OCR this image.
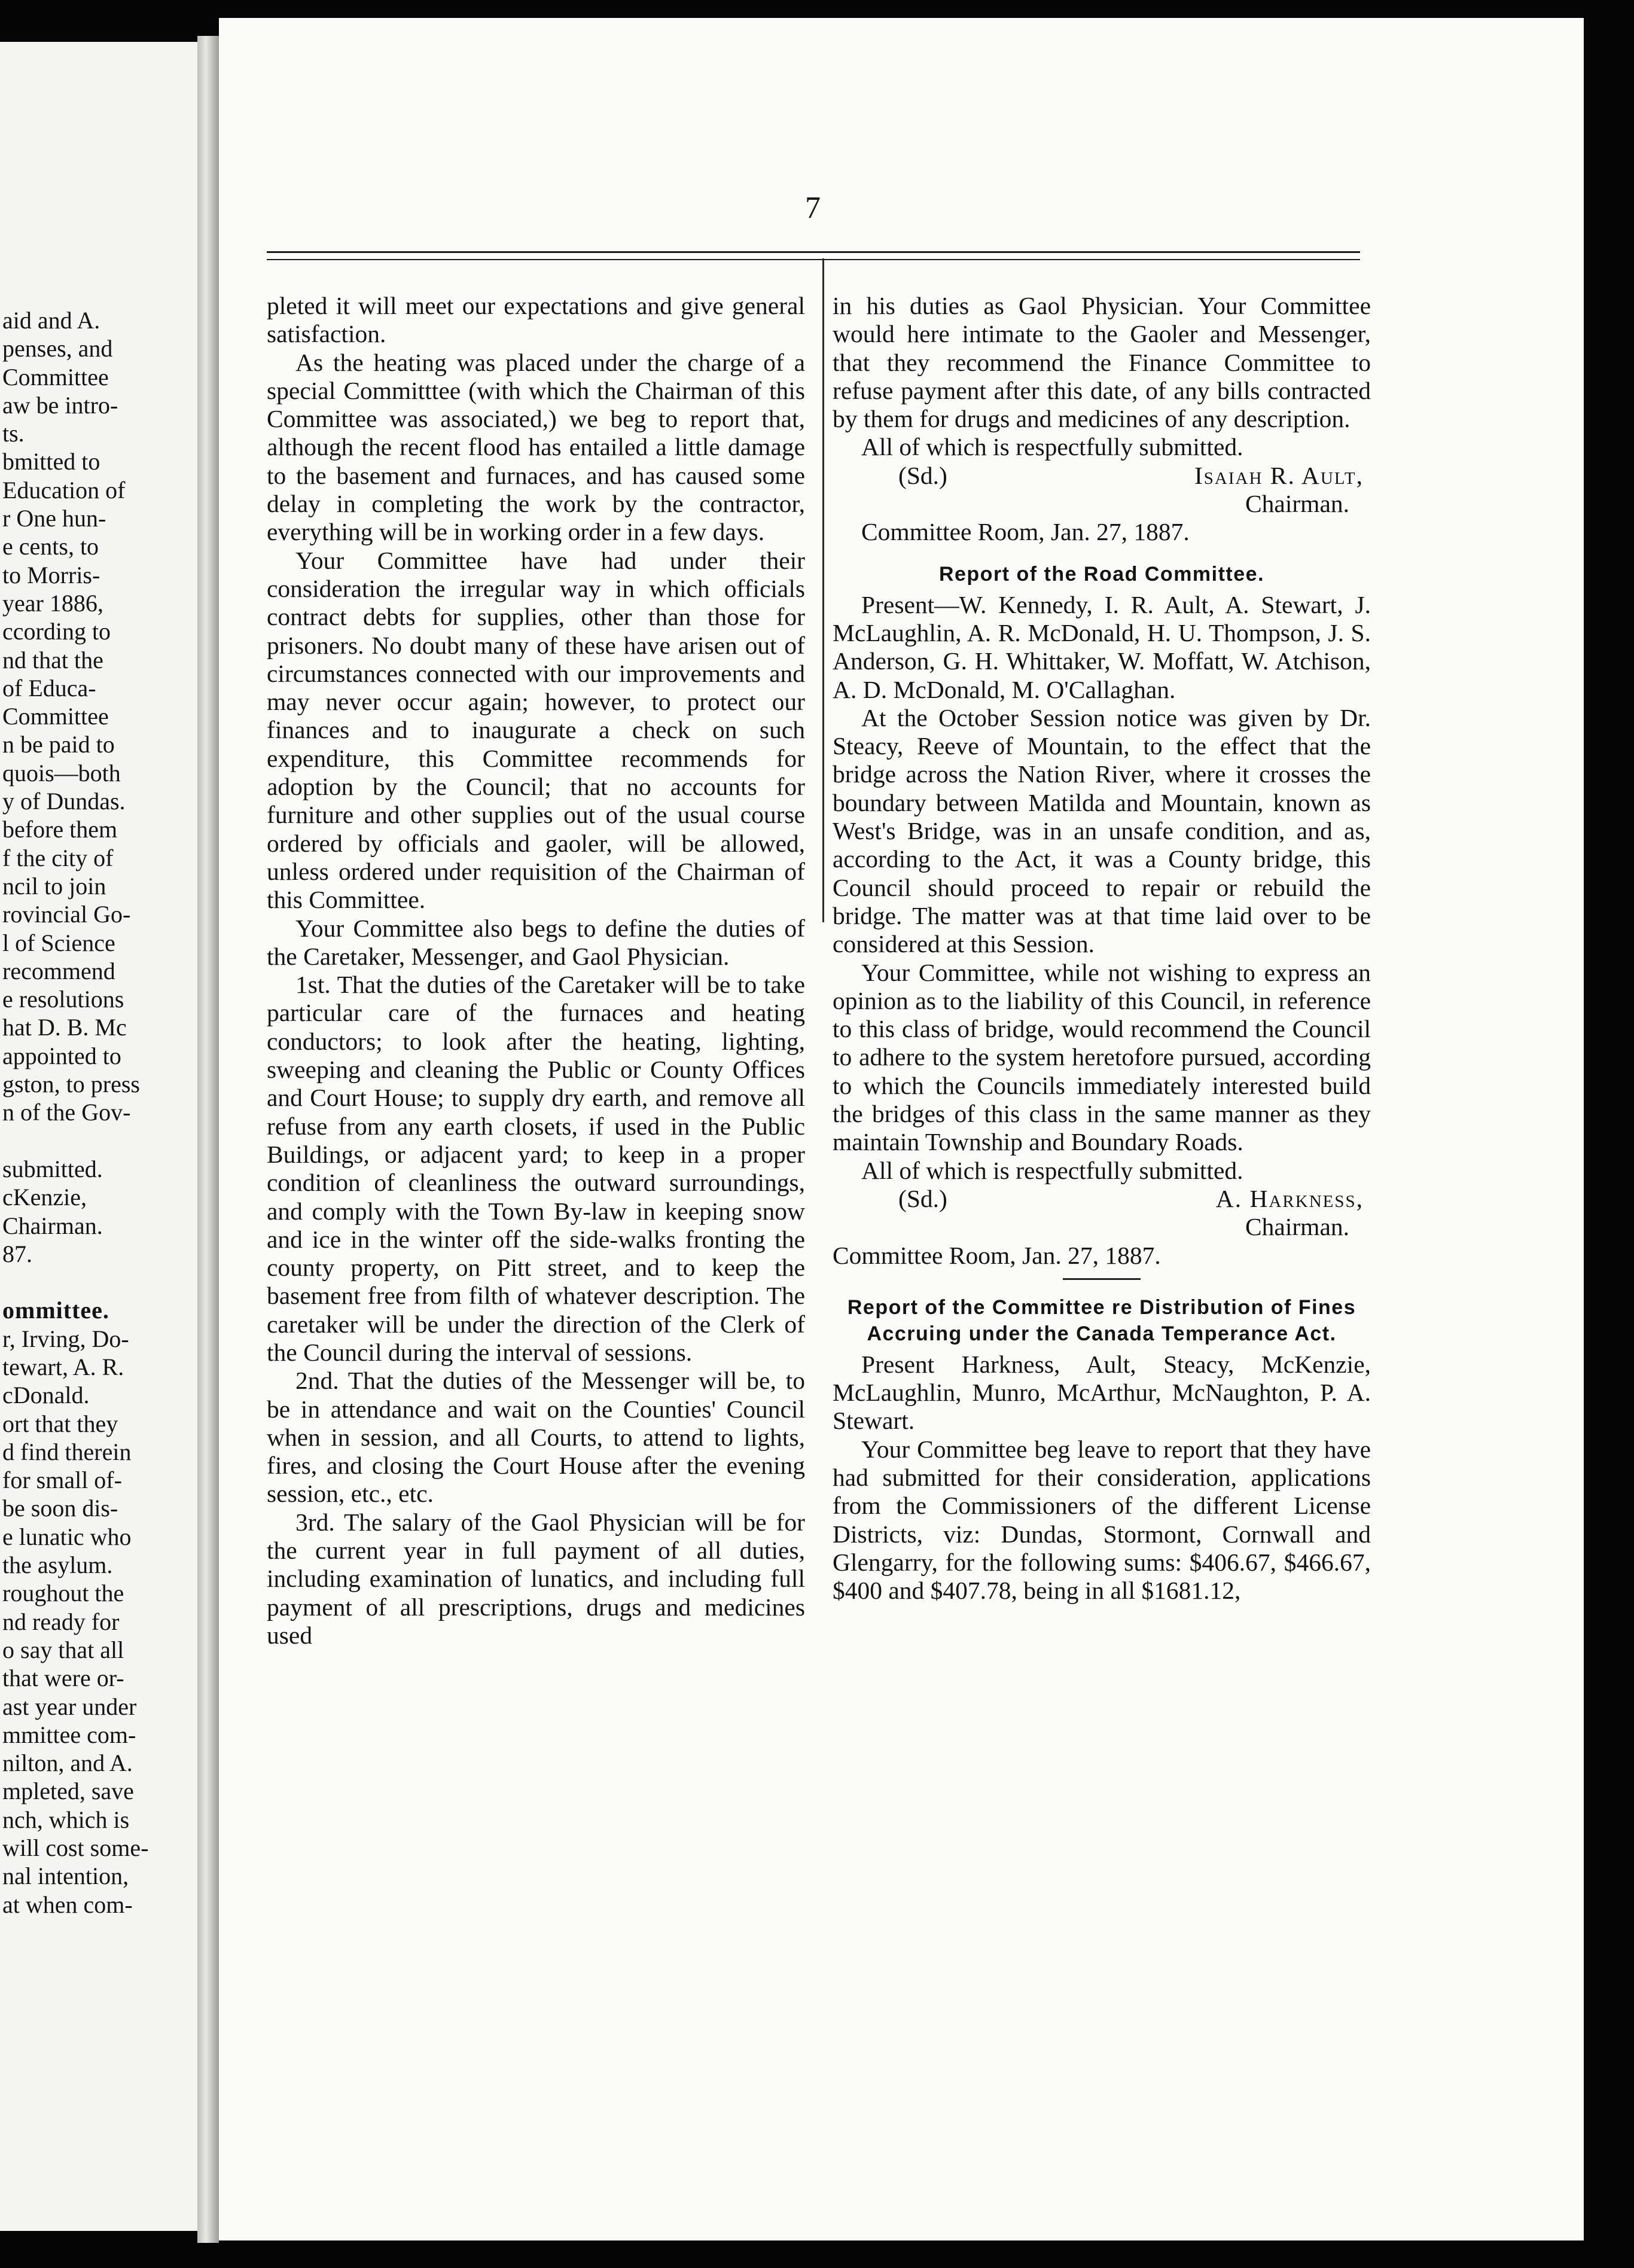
aid and A.
penses, and
Committee
aw be intro-
ts.
bmitted to
Education of
r One hun-
e cents, to
to Morris-
year 1886,
ccording to
nd that the
of Educa-
Committee
n be paid to
quois—both
y of Dundas.
before them
f the city of
ncil to join
rovincial Go-
l of Science
recommend
e resolutions
hat D. B. Mc
appointed to
gston, to press
n of the Gov-
submitted.
cKenzie,
Chairman.
87.
ommittee.
r, Irving, Do-
tewart, A. R.
cDonald.
ort that they
d find therein
for small of-
be soon dis-
e lunatic who
the asylum.
roughout the
nd ready for
o say that all
that were or-
ast year under
mmittee com-
nilton, and A.
mpleted, save
nch, which is
will cost some-
nal intention,
at when com-
7

pleted it will meet our expectations and give general satisfaction.

As the heating was placed under the charge of a special Committtee (with which the Chairman of this Committee was associated,) we beg to report that, although the recent flood has entailed a little damage to the basement and furnaces, and has caused some delay in completing the work by the contractor, everything will be in working order in a few days.

Your Committee have had under their consideration the irregular way in which officials contract debts for supplies, other than those for prisoners. No doubt many of these have arisen out of circumstances connected with our improvements and may never occur again; however, to protect our finances and to inaugurate a check on such expenditure, this Committee recommends for adoption by the Council; that no accounts for furniture and other supplies out of the usual course ordered by officials and gaoler, will be allowed, unless ordered under requisition of the Chairman of this Committee.

Your Committee also begs to define the duties of the Caretaker, Messenger, and Gaol Physician.

1st. That the duties of the Caretaker will be to take particular care of the furnaces and heating conductors; to look after the heating, lighting, sweeping and cleaning the Public or County Offices and Court House; to supply dry earth, and remove all refuse from any earth closets, if used in the Public Buildings, or adjacent yard; to keep in a proper condition of cleanliness the outward surroundings, and comply with the Town By-law in keeping snow and ice in the winter off the side-walks fronting the county property, on Pitt street, and to keep the basement free from filth of whatever description. The caretaker will be under the direction of the Clerk of the Council during the interval of sessions.

2nd. That the duties of the Messenger will be, to be in attendance and wait on the Counties' Council when in session, and all Courts, to attend to lights, fires, and closing the Court House after the evening session, etc., etc.

3rd. The salary of the Gaol Physician will be for the current year in full payment of all duties, including examination of lunatics, and including full payment of all prescriptions, drugs and medicines used

in his duties as Gaol Physician. Your Committee would here intimate to the Gaoler and Messenger, that they recommend the Finance Committee to refuse payment after this date, of any bills contracted by them for drugs and medicines of any description.

All of which is respectfully submitted.

(Sd.)	Isaiah R. Ault,
Chairman.

Committee Room, Jan. 27, 1887.

Report of the Road Committee.

Present—W. Kennedy, I. R. Ault, A. Stewart, J. McLaughlin, A. R. McDonald, H. U. Thompson, J. S. Anderson, G. H. Whittaker, W. Moffatt, W. Atchison, A. D. McDonald, M. O'Callaghan.

At the October Session notice was given by Dr. Steacy, Reeve of Mountain, to the effect that the bridge across the Nation River, where it crosses the boundary between Matilda and Mountain, known as West's Bridge, was in an unsafe condition, and as, according to the Act, it was a County bridge, this Council should proceed to repair or rebuild the bridge. The matter was at that time laid over to be considered at this Session.

Your Committee, while not wishing to express an opinion as to the liability of this Council, in reference to this class of bridge, would recommend the Council to adhere to the system heretofore pursued, according to which the Councils immediately interested build the bridges of this class in the same manner as they maintain Township and Boundary Roads.

All of which is respectfully submitted.

(Sd.)	A. Harkness,
Chairman.

Committee Room, Jan. 27, 1887.

Report of the Committee re Distribution of Fines Accruing under the Canada Temperance Act.

Present Harkness, Ault, Steacy, McKenzie, McLaughlin, Munro, McArthur, McNaughton, P. A. Stewart.

Your Committee beg leave to report that they have had submitted for their consideration, applications from the Commissioners of the different License Districts, viz: Dundas, Stormont, Cornwall and Glengarry, for the following sums: $406.67, $466.67, $400 and $407.78, being in all $1681.12,
